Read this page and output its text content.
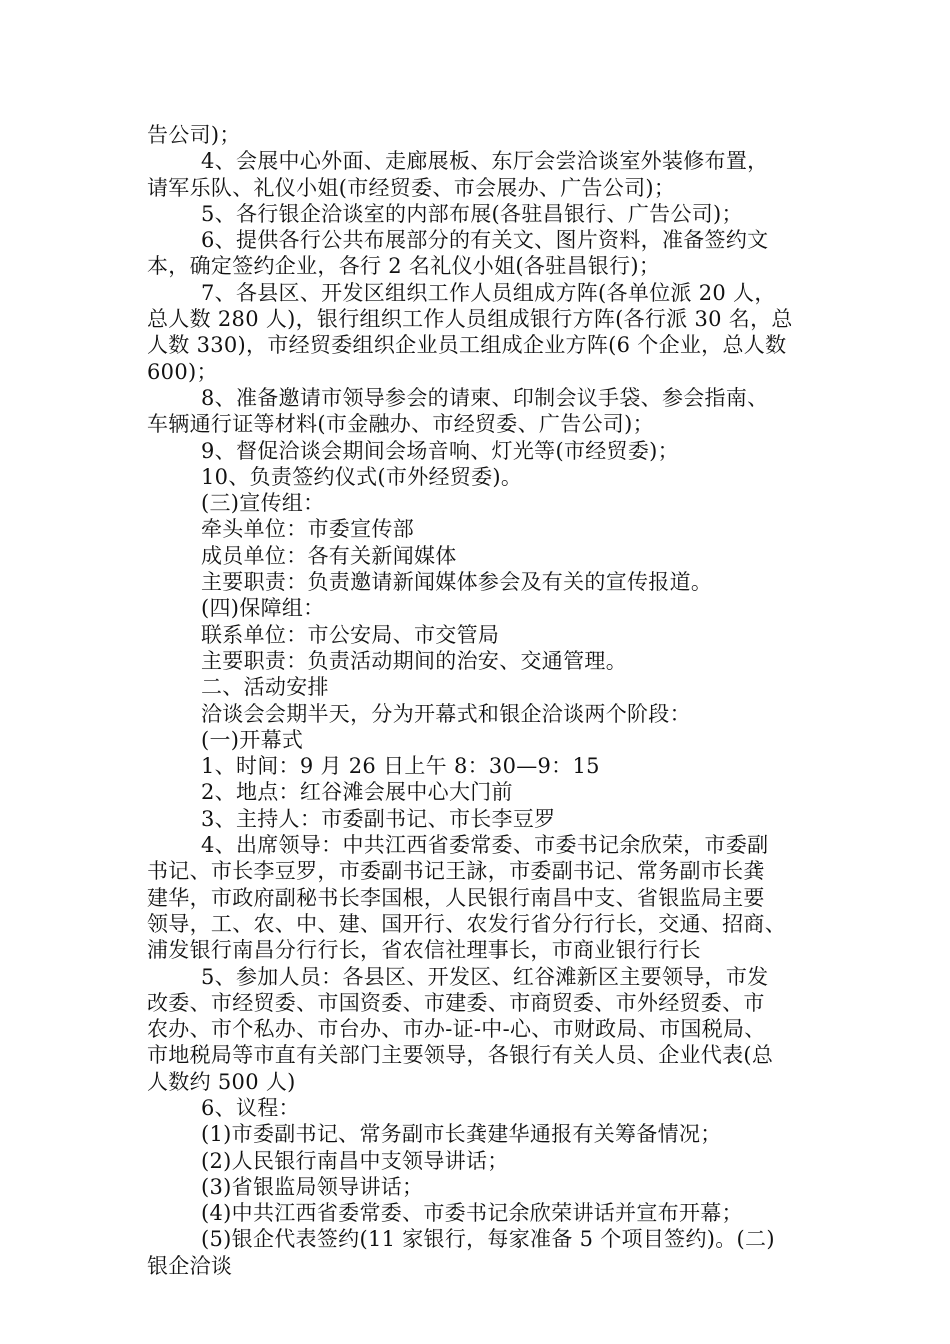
告公司)；
4、会展中心外面、走廊展板、东厅会尝洽谈室外装修布置，
请军乐队、礼仪小姐(市经贸委、市会展办、广告公司)；
5、各行银企洽谈室的内部布展(各驻昌银行、广告公司)；
6、提供各行公共布展部分的有关文、图片资料，准备签约文
本，确定签约企业，各行 2 名礼仪小姐(各驻昌银行)；
7、各县区、开发区组织工作人员组成方阵(各单位派 20 人，
总人数 280 人)，银行组织工作人员组成银行方阵(各行派 30 名，总
人数 330)，市经贸委组织企业员工组成企业方阵(6 个企业，总人数
600)；
8、准备邀请市领导参会的请柬、印制会议手袋、参会指南、
车辆通行证等材料(市金融办、市经贸委、广告公司)；
9、督促洽谈会期间会场音响、灯光等(市经贸委)；
10、负责签约仪式(市外经贸委)。
(三)宣传组：
牵头单位：市委宣传部
成员单位：各有关新闻媒体
主要职责：负责邀请新闻媒体参会及有关的宣传报道。
(四)保障组：
联系单位：市公安局、市交管局
主要职责：负责活动期间的治安、交通管理。
二、活动安排
洽谈会会期半天，分为开幕式和银企洽谈两个阶段：
(一)开幕式
1、时间：9 月 26 日上午 8：30—9：15
2、地点：红谷滩会展中心大门前
3、主持人：市委副书记、市长李豆罗
4、出席领导：中共江西省委常委、市委书记余欣荣，市委副
书记、市长李豆罗，市委副书记王詠，市委副书记、常务副市长龚
建华，市政府副秘书长李国根，人民银行南昌中支、省银监局主要
领导，工、农、中、建、国开行、农发行省分行行长，交通、招商、
浦发银行南昌分行行长，省农信社理事长，市商业银行行长
5、参加人员：各县区、开发区、红谷滩新区主要领导，市发
改委、市经贸委、市国资委、市建委、市商贸委、市外经贸委、市
农办、市个私办、市台办、市办-证-中-心、市财政局、市国税局、
市地税局等市直有关部门主要领导，各银行有关人员、企业代表(总
人数约 500 人)
6、议程：
(1)市委副书记、常务副市长龚建华通报有关筹备情况；
(2)人民银行南昌中支领导讲话；
(3)省银监局领导讲话；
(4)中共江西省委常委、市委书记余欣荣讲话并宣布开幕；
(5)银企代表签约(11 家银行，每家准备 5 个项目签约)。(二)
银企洽谈
